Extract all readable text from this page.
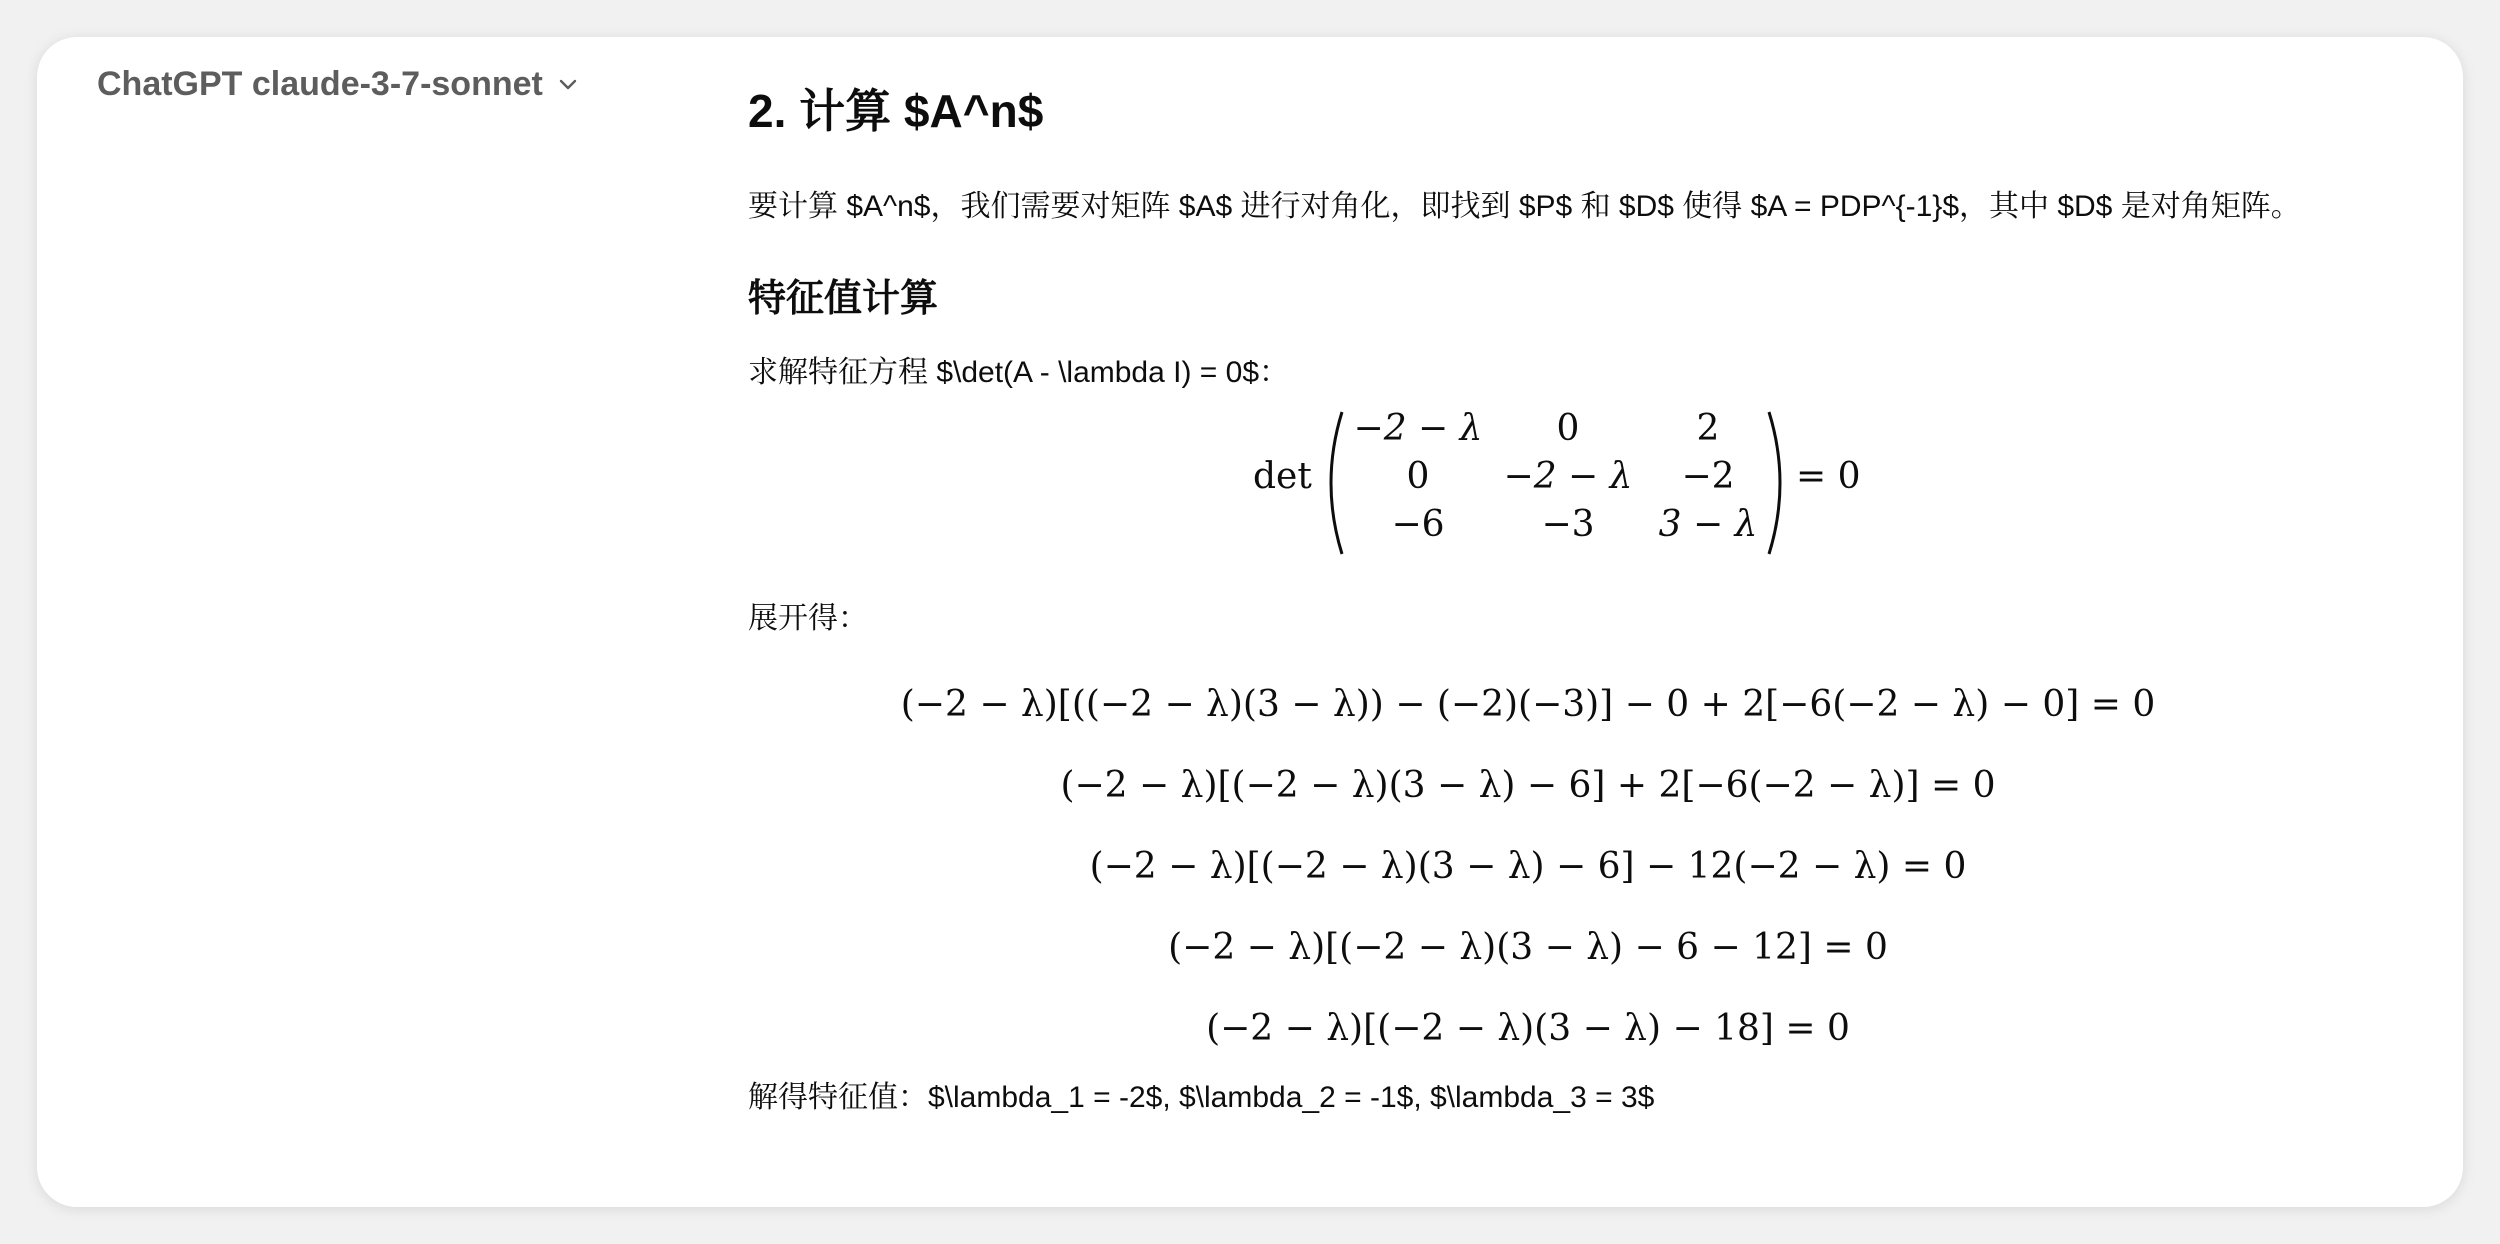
ChatGPT claude-3-7-sonnet
2. 计算 $A^n$

要计算 $A^n$，我们需要对矩阵 $A$ 进行对角化，即找到 $P$ 和 $D$ 使得 $A = PDP^{-1}$，其中 $D$ 是对角矩阵。

特征值计算

求解特征方程 $\det(A - \lambda I) = 0$：

det
−2 − λ	0	2
0	−2 − λ	−2
−6	−3	3 − λ
= 0

展开得：

(−2 − λ)[((−2 − λ)(3 − λ)) − (−2)(−3)] − 0 + 2[−6(−2 − λ) − 0] = 0
(−2 − λ)[(−2 − λ)(3 − λ) − 6] + 2[−6(−2 − λ)] = 0
(−2 − λ)[(−2 − λ)(3 − λ) − 6] − 12(−2 − λ) = 0
(−2 − λ)[(−2 − λ)(3 − λ) − 6 − 12] = 0
(−2 − λ)[(−2 − λ)(3 − λ) − 18] = 0

解得特征值：$\lambda_1 = -2$, $\lambda_2 = -1$, $\lambda_3 = 3$
